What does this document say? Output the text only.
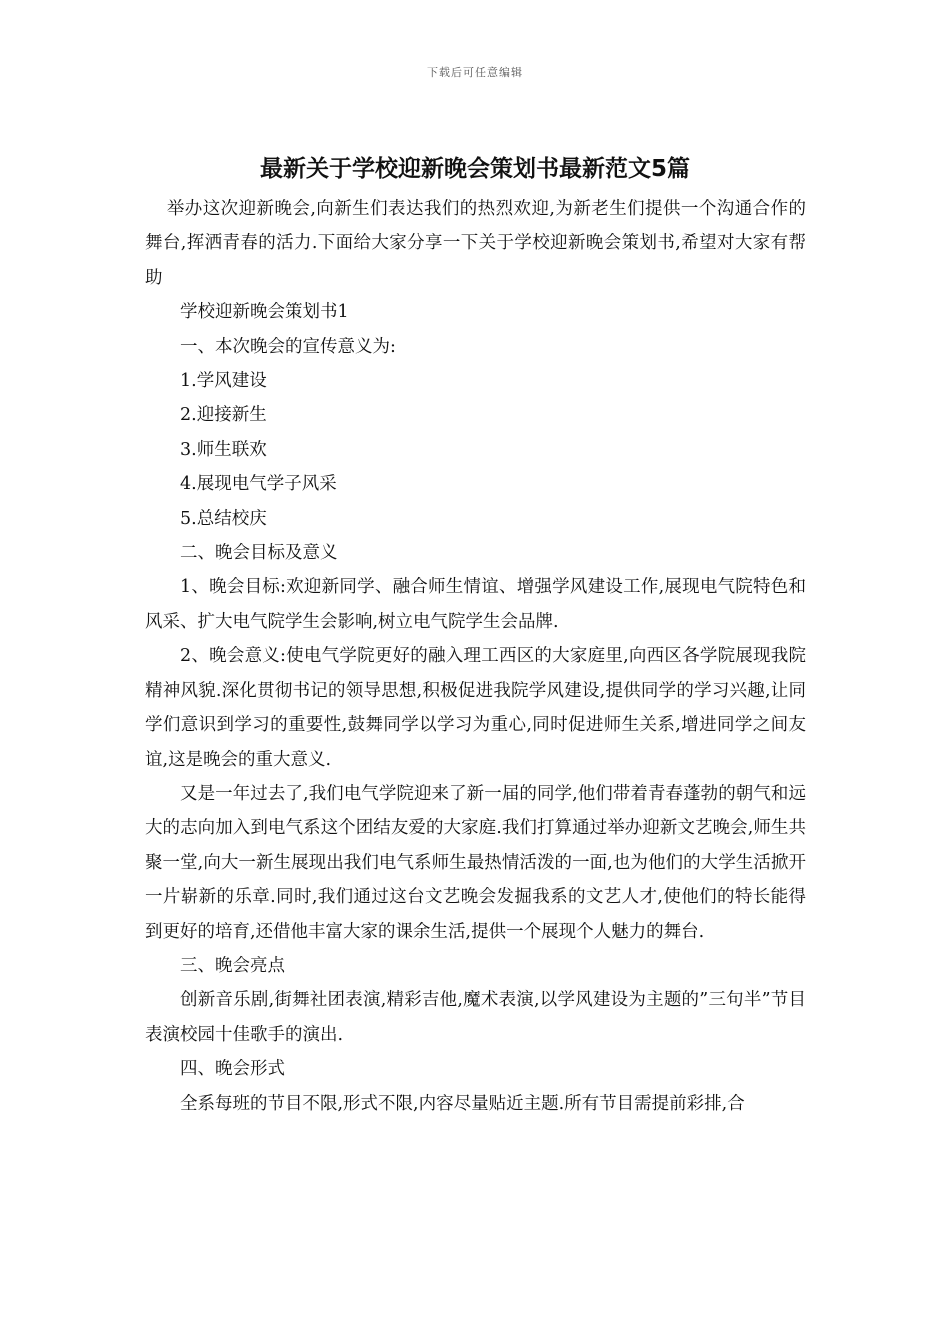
下载后可任意编辑
最新关于学校迎新晚会策划书最新范文5篇

举办这次迎新晚会,向新生们表达我们的热烈欢迎,为新老生们提供一个沟通合作的舞台,挥洒青春的活力.下面给大家分享一下关于学校迎新晚会策划书,希望对大家有帮助

学校迎新晚会策划书1

一、本次晚会的宣传意义为:

1.学风建设

2.迎接新生

3.师生联欢

4.展现电气学子风采

5.总结校庆

二、晚会目标及意义

1、晚会目标:欢迎新同学、融合师生情谊、增强学风建设工作,展现电气院特色和风采、扩大电气院学生会影响,树立电气院学生会品牌.

2、晚会意义:使电气学院更好的融入理工西区的大家庭里,向西区各学院展现我院精神风貌.深化贯彻书记的领导思想,积极促进我院学风建设,提供同学的学习兴趣,让同学们意识到学习的重要性,鼓舞同学以学习为重心,同时促进师生关系,增进同学之间友谊,这是晚会的重大意义.

又是一年过去了,我们电气学院迎来了新一届的同学,他们带着青春蓬勃的朝气和远大的志向加入到电气系这个团结友爱的大家庭.我们打算通过举办迎新文艺晚会,师生共聚一堂,向大一新生展现出我们电气系师生最热情活泼的一面,也为他们的大学生活掀开一片崭新的乐章.同时,我们通过这台文艺晚会发掘我系的文艺人才,使他们的特长能得到更好的培育,还借他丰富大家的课余生活,提供一个展现个人魅力的舞台.

三、晚会亮点

创新音乐剧,街舞社团表演,精彩吉他,魔术表演,以学风建设为主题的”三句半”节目表演校园十佳歌手的演出.

四、晚会形式

全系每班的节目不限,形式不限,内容尽量贴近主题.所有节目需提前彩排,合
